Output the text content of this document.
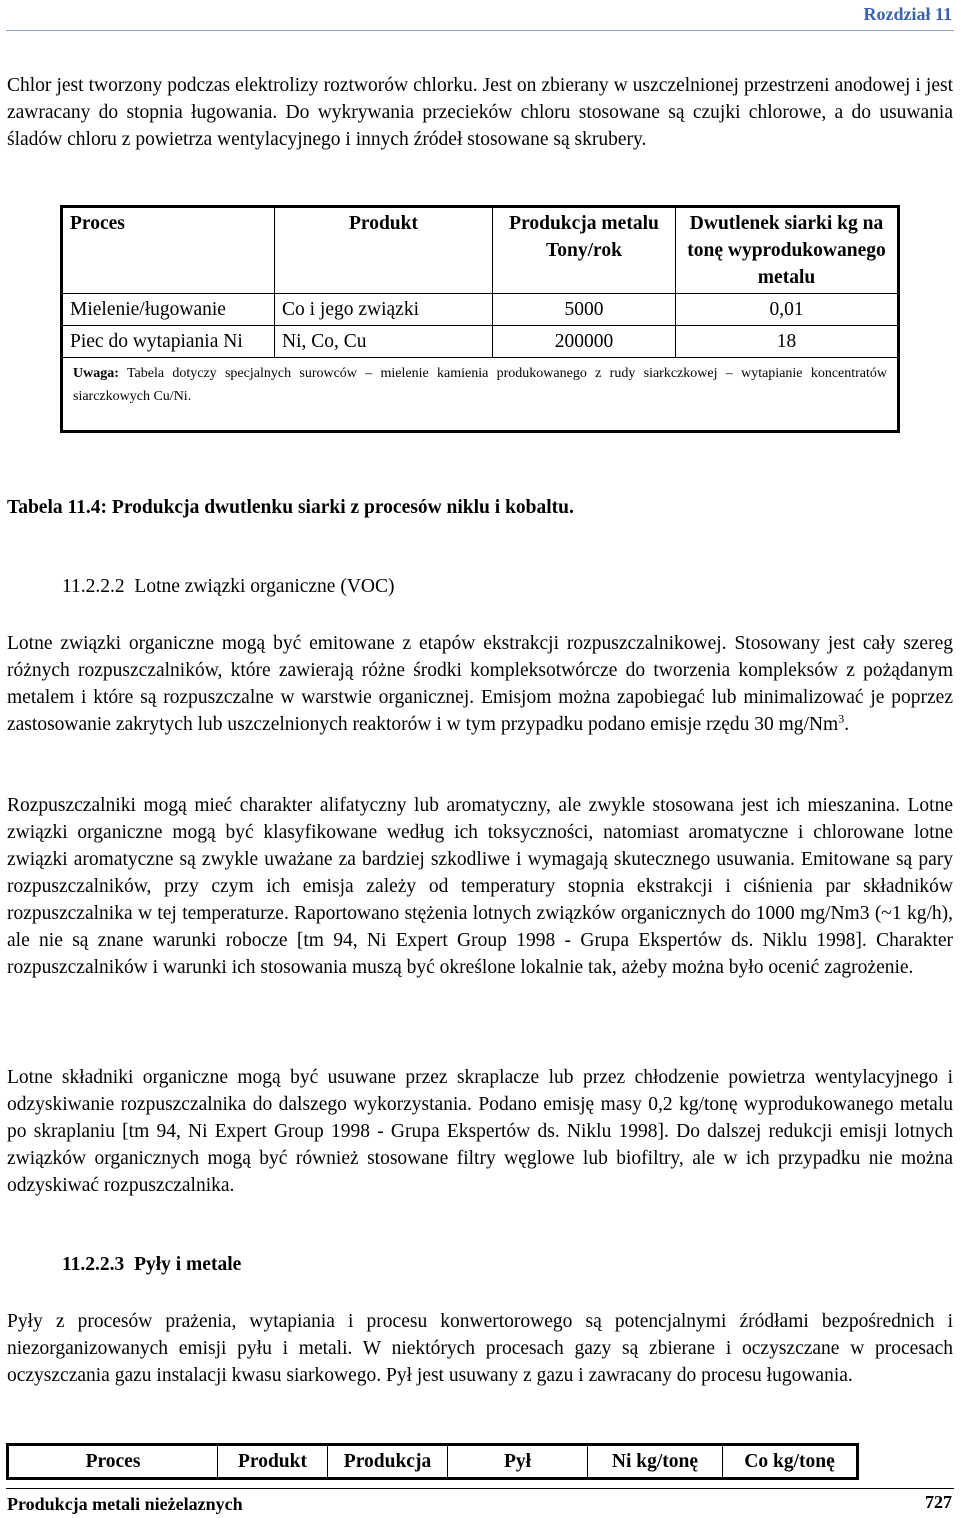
Rozdział 11

Chlor jest tworzony podczas elektrolizy roztworów chlorku. Jest on zbierany w uszczelnionej przestrzeni anodowej i jest zawracany do stopnia ługowania. Do wykrywania przecieków chloru stosowane są czujki chlorowe, a do usuwania śladów chloru z powietrza wentylacyjnego i innych źródeł stosowane są skrubery.

Proces	Produkt	Produkcja metalu Tony/rok	Dwutlenek siarki kg na tonę wyprodukowanego metalu
Mielenie/ługowanie	Co i jego związki	5000	0,01
Piec do wytapiania Ni	Ni, Co, Cu	200000	18
Uwaga: Tabela dotyczy specjalnych surowców – mielenie kamienia produkowanego z rudy siarkczkowej – wytapianie koncentratów siarczkowych Cu/Ni.			
Tabela 11.4: Produkcja dwutlenku siarki z procesów niklu i kobaltu.
11.2.2.2 Lotne związki organiczne (VOC)

Lotne związki organiczne mogą być emitowane z etapów ekstrakcji rozpuszczalnikowej. Stosowany jest cały szereg różnych rozpuszczalników, które zawierają różne środki kompleksotwórcze do tworzenia kompleksów z pożądanym metalem i które są rozpuszczalne w warstwie organicznej. Emisjom można zapobiegać lub minimalizować je poprzez zastosowanie zakrytych lub uszczelnionych reaktorów i w tym przypadku podano emisje rzędu 30 mg/Nm$^3$.

Rozpuszczalniki mogą mieć charakter alifatyczny lub aromatyczny, ale zwykle stosowana jest ich mieszanina. Lotne związki organiczne mogą być klasyfikowane według ich toksyczności, natomiast aromatyczne i chlorowane lotne związki aromatyczne są zwykle uważane za bardziej szkodliwe i wymagają skutecznego usuwania. Emitowane są pary rozpuszczalników, przy czym ich emisja zależy od temperatury stopnia ekstrakcji i ciśnienia par składników rozpuszczalnika w tej temperaturze. Raportowano stężenia lotnych związków organicznych do 1000 mg/Nm3 (~1 kg/h), ale nie są znane warunki robocze [tm 94, Ni Expert Group 1998 - Grupa Ekspertów ds. Niklu 1998]. Charakter rozpuszczalników i warunki ich stosowania muszą być określone lokalnie tak, ażeby można było ocenić zagrożenie.

Lotne składniki organiczne mogą być usuwane przez skraplacze lub przez chłodzenie powietrza wentylacyjnego i odzyskiwanie rozpuszczalnika do dalszego wykorzystania. Podano emisję masy 0,2 kg/tonę wyprodukowanego metalu po skraplaniu [tm 94, Ni Expert Group 1998 - Grupa Ekspertów ds. Niklu 1998]. Do dalszej redukcji emisji lotnych związków organicznych mogą być również stosowane filtry węglowe lub biofiltry, ale w ich przypadku nie można odzyskiwać rozpuszczalnika.

11.2.2.3 Pyły i metale

Pyły z procesów prażenia, wytapiania i procesu konwertorowego są potencjalnymi źródłami bezpośrednich i niezorganizowanych emisji pyłu i metali. W niektórych procesach gazy są zbierane i oczyszczane w procesach oczyszczania gazu instalacji kwasu siarkowego. Pył jest usuwany z gazu i zawracany do procesu ługowania.

Proces	Produkt	Produkcja	Pył	Ni kg/tonę	Co kg/tonę
Produkcja metali nieżelaznych	727
